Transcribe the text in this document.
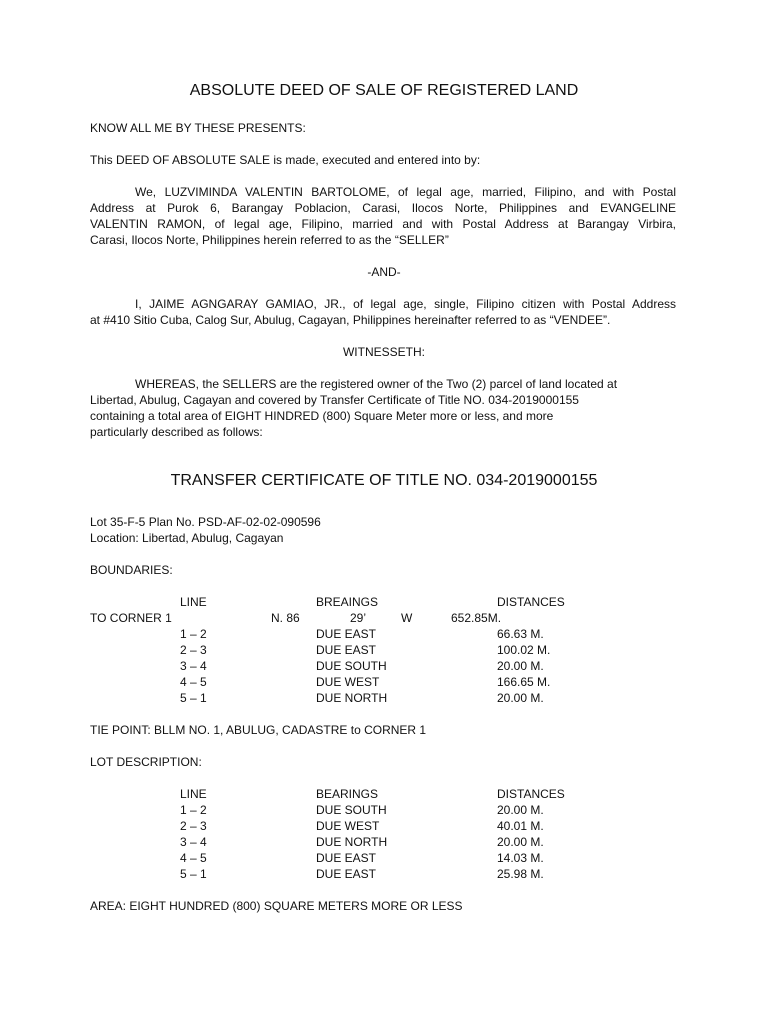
ABSOLUTE DEED OF SALE OF REGISTERED LAND
KNOW ALL ME BY THESE PRESENTS:
This DEED OF ABSOLUTE SALE is made, executed and entered into by:
We, LUZVIMINDA VALENTIN BARTOLOME, of legal age, married, Filipino, and with Postal
Address at Purok 6, Barangay Poblacion, Carasi, Ilocos Norte, Philippines and EVANGELINE
VALENTIN RAMON, of legal age, Filipino, married and with Postal Address at Barangay Virbira,
Carasi, Ilocos Norte, Philippines herein referred to as the “SELLER”
-AND-
I, JAIME AGNGARAY GAMIAO, JR., of legal age, single, Filipino citizen with Postal Address
at #410 Sitio Cuba, Calog Sur, Abulug, Cagayan, Philippines hereinafter referred to as “VENDEE”.
WITNESSETH:
WHEREAS, the SELLERS are the registered owner of the Two (2) parcel of land located at
Libertad, Abulug, Cagayan and covered by Transfer Certificate of Title NO. 034-2019000155
containing a total area of EIGHT HINDRED (800) Square Meter more or less, and more
particularly described as follows:
TRANSFER CERTIFICATE OF TITLE NO. 034-2019000155
Lot 35-F-5 Plan No. PSD-AF-02-02-090596
Location: Libertad, Abulug, Cagayan
BOUNDARIES:
LINE	BREAINGS	DISTANCES
TO CORNER 1	N. 86	29’	W	652.85M.
1 – 2	DUE EAST	66.63 M.
2 – 3	DUE EAST	100.02 M.
3 – 4	DUE SOUTH	20.00 M.
4 – 5	DUE WEST	166.65 M.
5 – 1	DUE NORTH	20.00 M.
TIE POINT: BLLM NO. 1, ABULUG, CADASTRE to CORNER 1
LOT DESCRIPTION:
LINE	BEARINGS	DISTANCES
1 – 2	DUE SOUTH	20.00 M.
2 – 3	DUE WEST	40.01 M.
3 – 4	DUE NORTH	20.00 M.
4 – 5	DUE EAST	14.03 M.
5 – 1	DUE EAST	25.98 M.
AREA: EIGHT HUNDRED (800) SQUARE METERS MORE OR LESS
